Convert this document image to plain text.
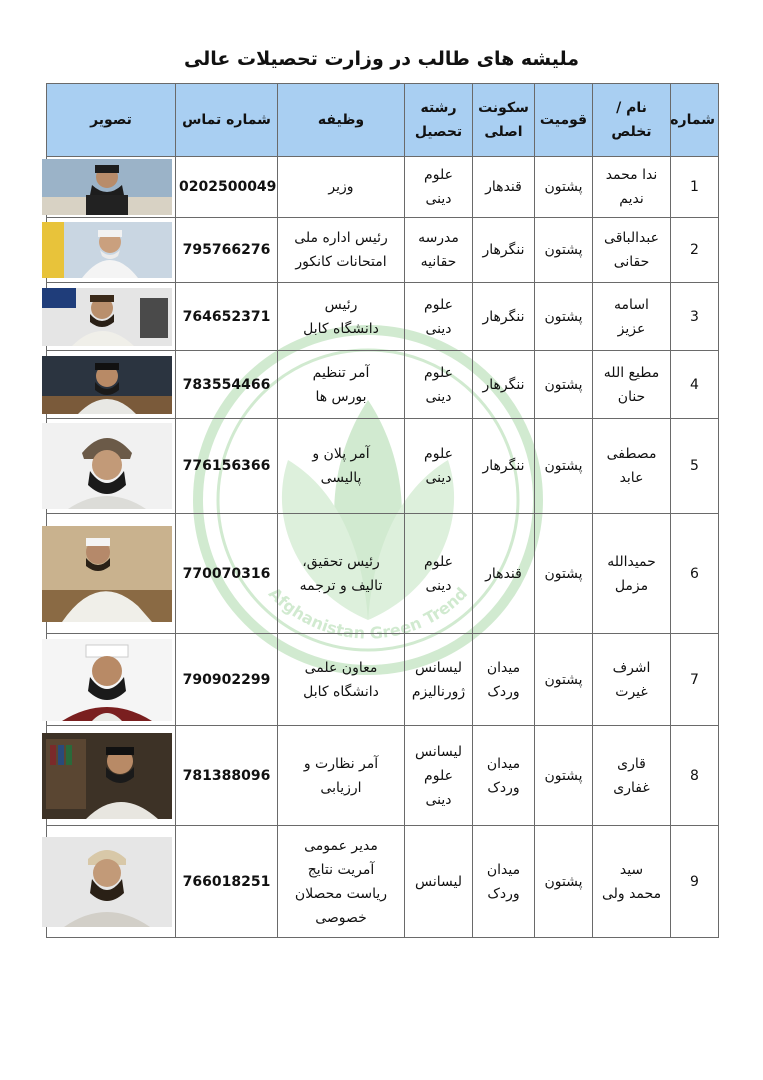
ملیشه های طالب در وزارت تحصیلات عالی
Afghanistan Green Trend
شماره	نام /
تخلص	قومیت	سکونت
اصلی	رشته
تحصیل	وظیفه	شماره تماس	تصویر
1	ندا محمد
ندیم	پشتون	قندهار	علوم
دینی	وزیر	0202500049	

2	عبدالباقی
حقانی	پشتون	ننگرهار	مدرسه
حقانیه	رئیس اداره ملی
امتحانات کانکور	795766276	

3	اسامه
عزیز	پشتون	ننگرهار	علوم
دینی	رئیس
دانشگاه کابل	764652371	

4	مطیع الله
حنان	پشتون	ننگرهار	علوم
دینی	آمر تنظیم
بورس ها	783554466	

5	مصطفی
عابد	پشتون	ننگرهار	علوم
دینی	آمر پلان و
پالیسی	776156366	

6	حمیدالله
مزمل	پشتون	قندهار	علوم
دینی	رئیس تحقیق،
تالیف و ترجمه	770070316	

7	اشرف
غیرت	پشتون	میدان
وردک	لیسانس
ژورنالیزم	معاون علمی
دانشگاه کابل	790902299	

8	قاری
غفاری	پشتون	میدان
وردک	لیسانس
علوم
دینی	آمر نظارت و
ارزیابی	781388096	

9	سید
محمد ولی	پشتون	میدان
وردک	لیسانس	مدیر عمومی
آمریت نتایج
ریاست محصلان
خصوصی	766018251	
